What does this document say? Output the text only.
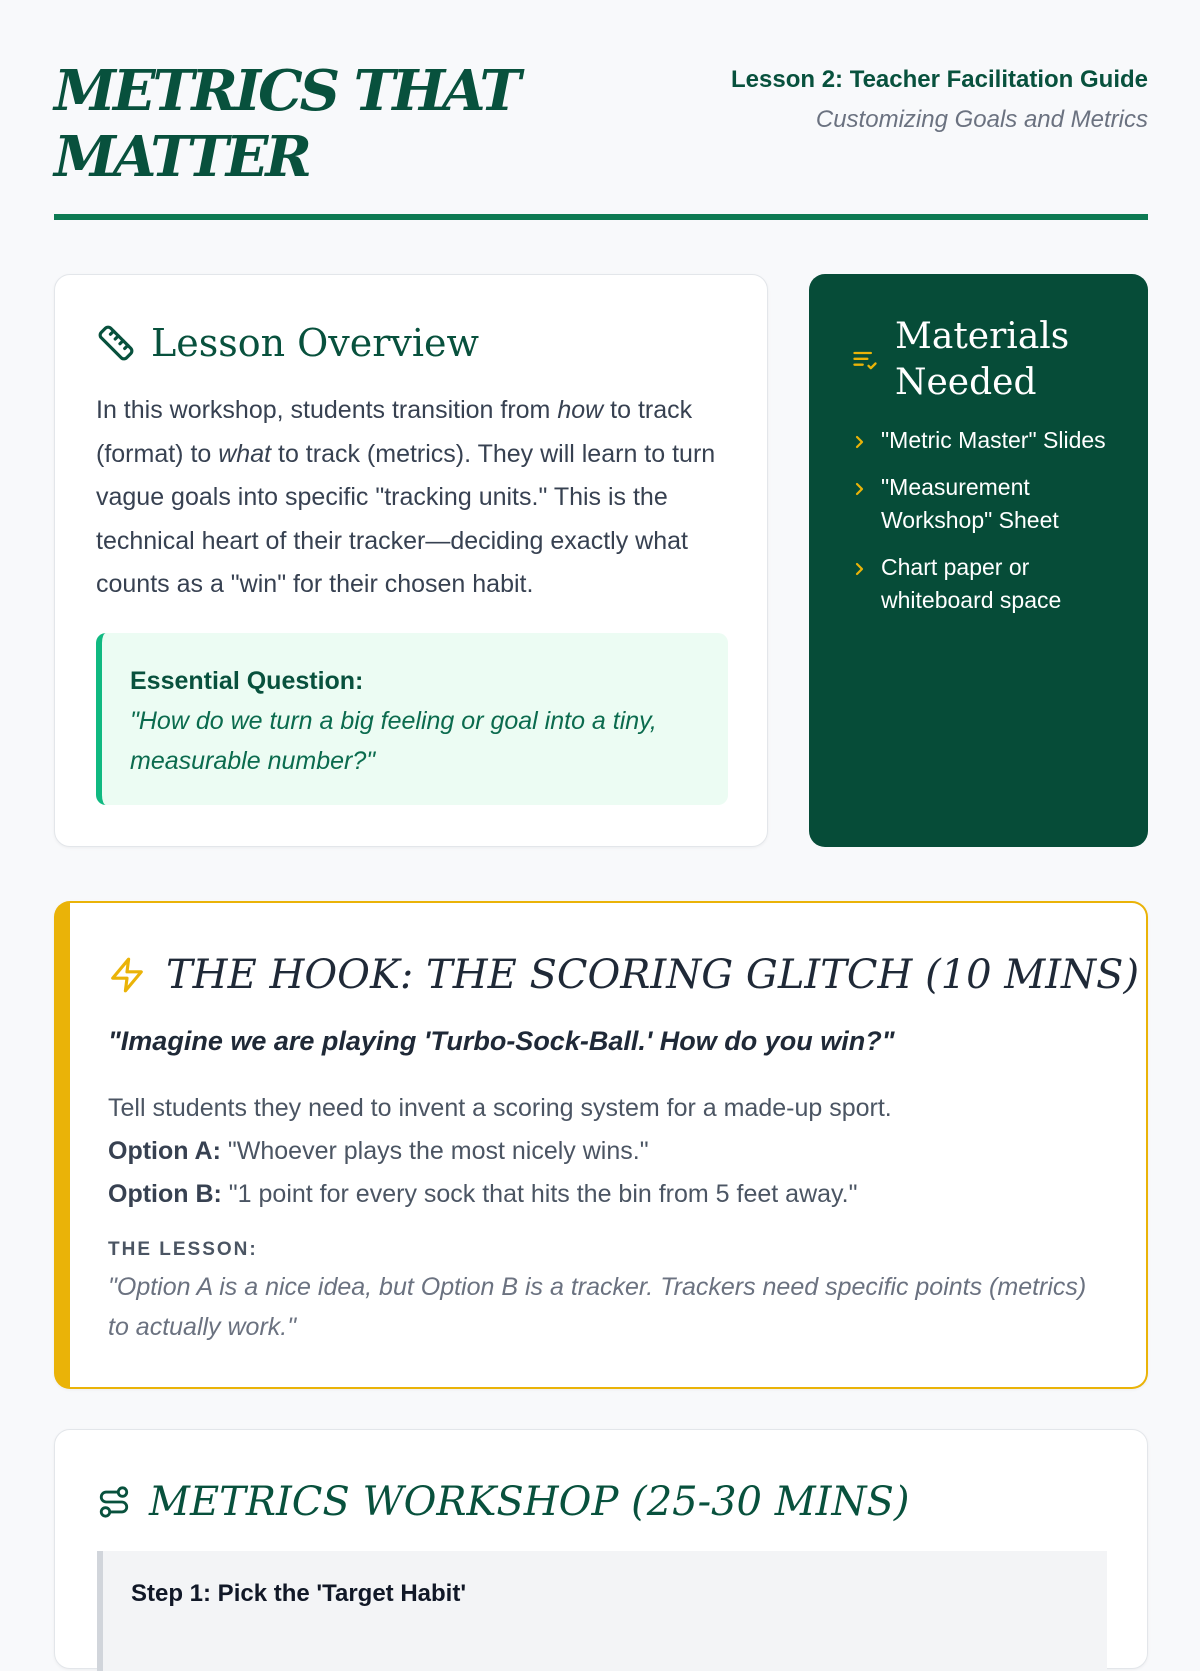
METRICS THAT MATTER
Lesson 2: Teacher Facilitation Guide
Customizing Goals and Metrics
Lesson Overview

In this workshop, students transition from how to track (format) to what to track (metrics). They will learn to turn vague goals into specific "tracking units." This is the technical heart of their tracker—deciding exactly what counts as a "win" for their chosen habit.

Essential Question:
"How do we turn a big feeling or goal into a tiny, measurable number?"
Materials Needed
"Metric Master" Slides
"Measurement Workshop" Sheet
Chart paper or whiteboard space
THE HOOK: THE SCORING GLITCH (10 MINS)
"Imagine we are playing 'Turbo-Sock-Ball.' How do you win?"
Tell students they need to invent a scoring system for a made-up sport.
Option A: "Whoever plays the most nicely wins."
Option B: "1 point for every sock that hits the bin from 5 feet away."
THE LESSON:
"Option A is a nice idea, but Option B is a tracker. Trackers need specific points (metrics) to actually work."
METRICS WORKSHOP (25-30 MINS)
Step 1: Pick the 'Target Habit'
